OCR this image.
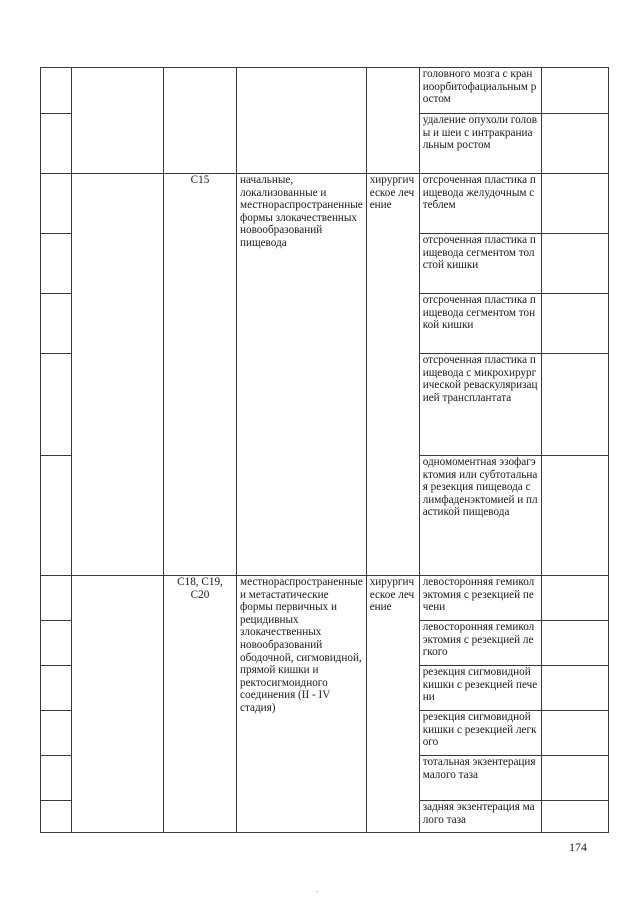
					головного мозга с краниоорбитофациальным ростом	
					удаление опухоли головы и шеи с интракраниальным ростом	
		C15	начальные, локализованные и местнораспространенные формы злокачественных новообразований пищевода	хирургическое лечение	отсроченная пластика пищевода желудочным стеблем	
					отсроченная пластика пищевода сегментом толстой кишки	
					отсроченная пластика пищевода сегментом тонкой кишки	
					отсроченная пластика пищевода с микрохирургической реваскуляризацией трансплантата	
					одномоментная эзофагэктомия или субтотальная резекция пищевода с лимфаденэктомией и пластикой пищевода	
		C18, C19, C20	местнораспространенные и метастатические формы первичных и рецидивных злокачественных новообразований ободочной, сигмовидной, прямой кишки и ректосигмоидного соединения (II - IV стадия)	хирургическое лечение	левосторонняя гемиколэктомия с резекцией печени	
					левосторонняя гемиколэктомия с резекцией легкого	
					резекция сигмовидной кишки с резекцией печени	
					резекция сигмовидной кишки с резекцией легкого	
					тотальная экзентерация малого таза	
					задняя экзентерация малого таза	
174
